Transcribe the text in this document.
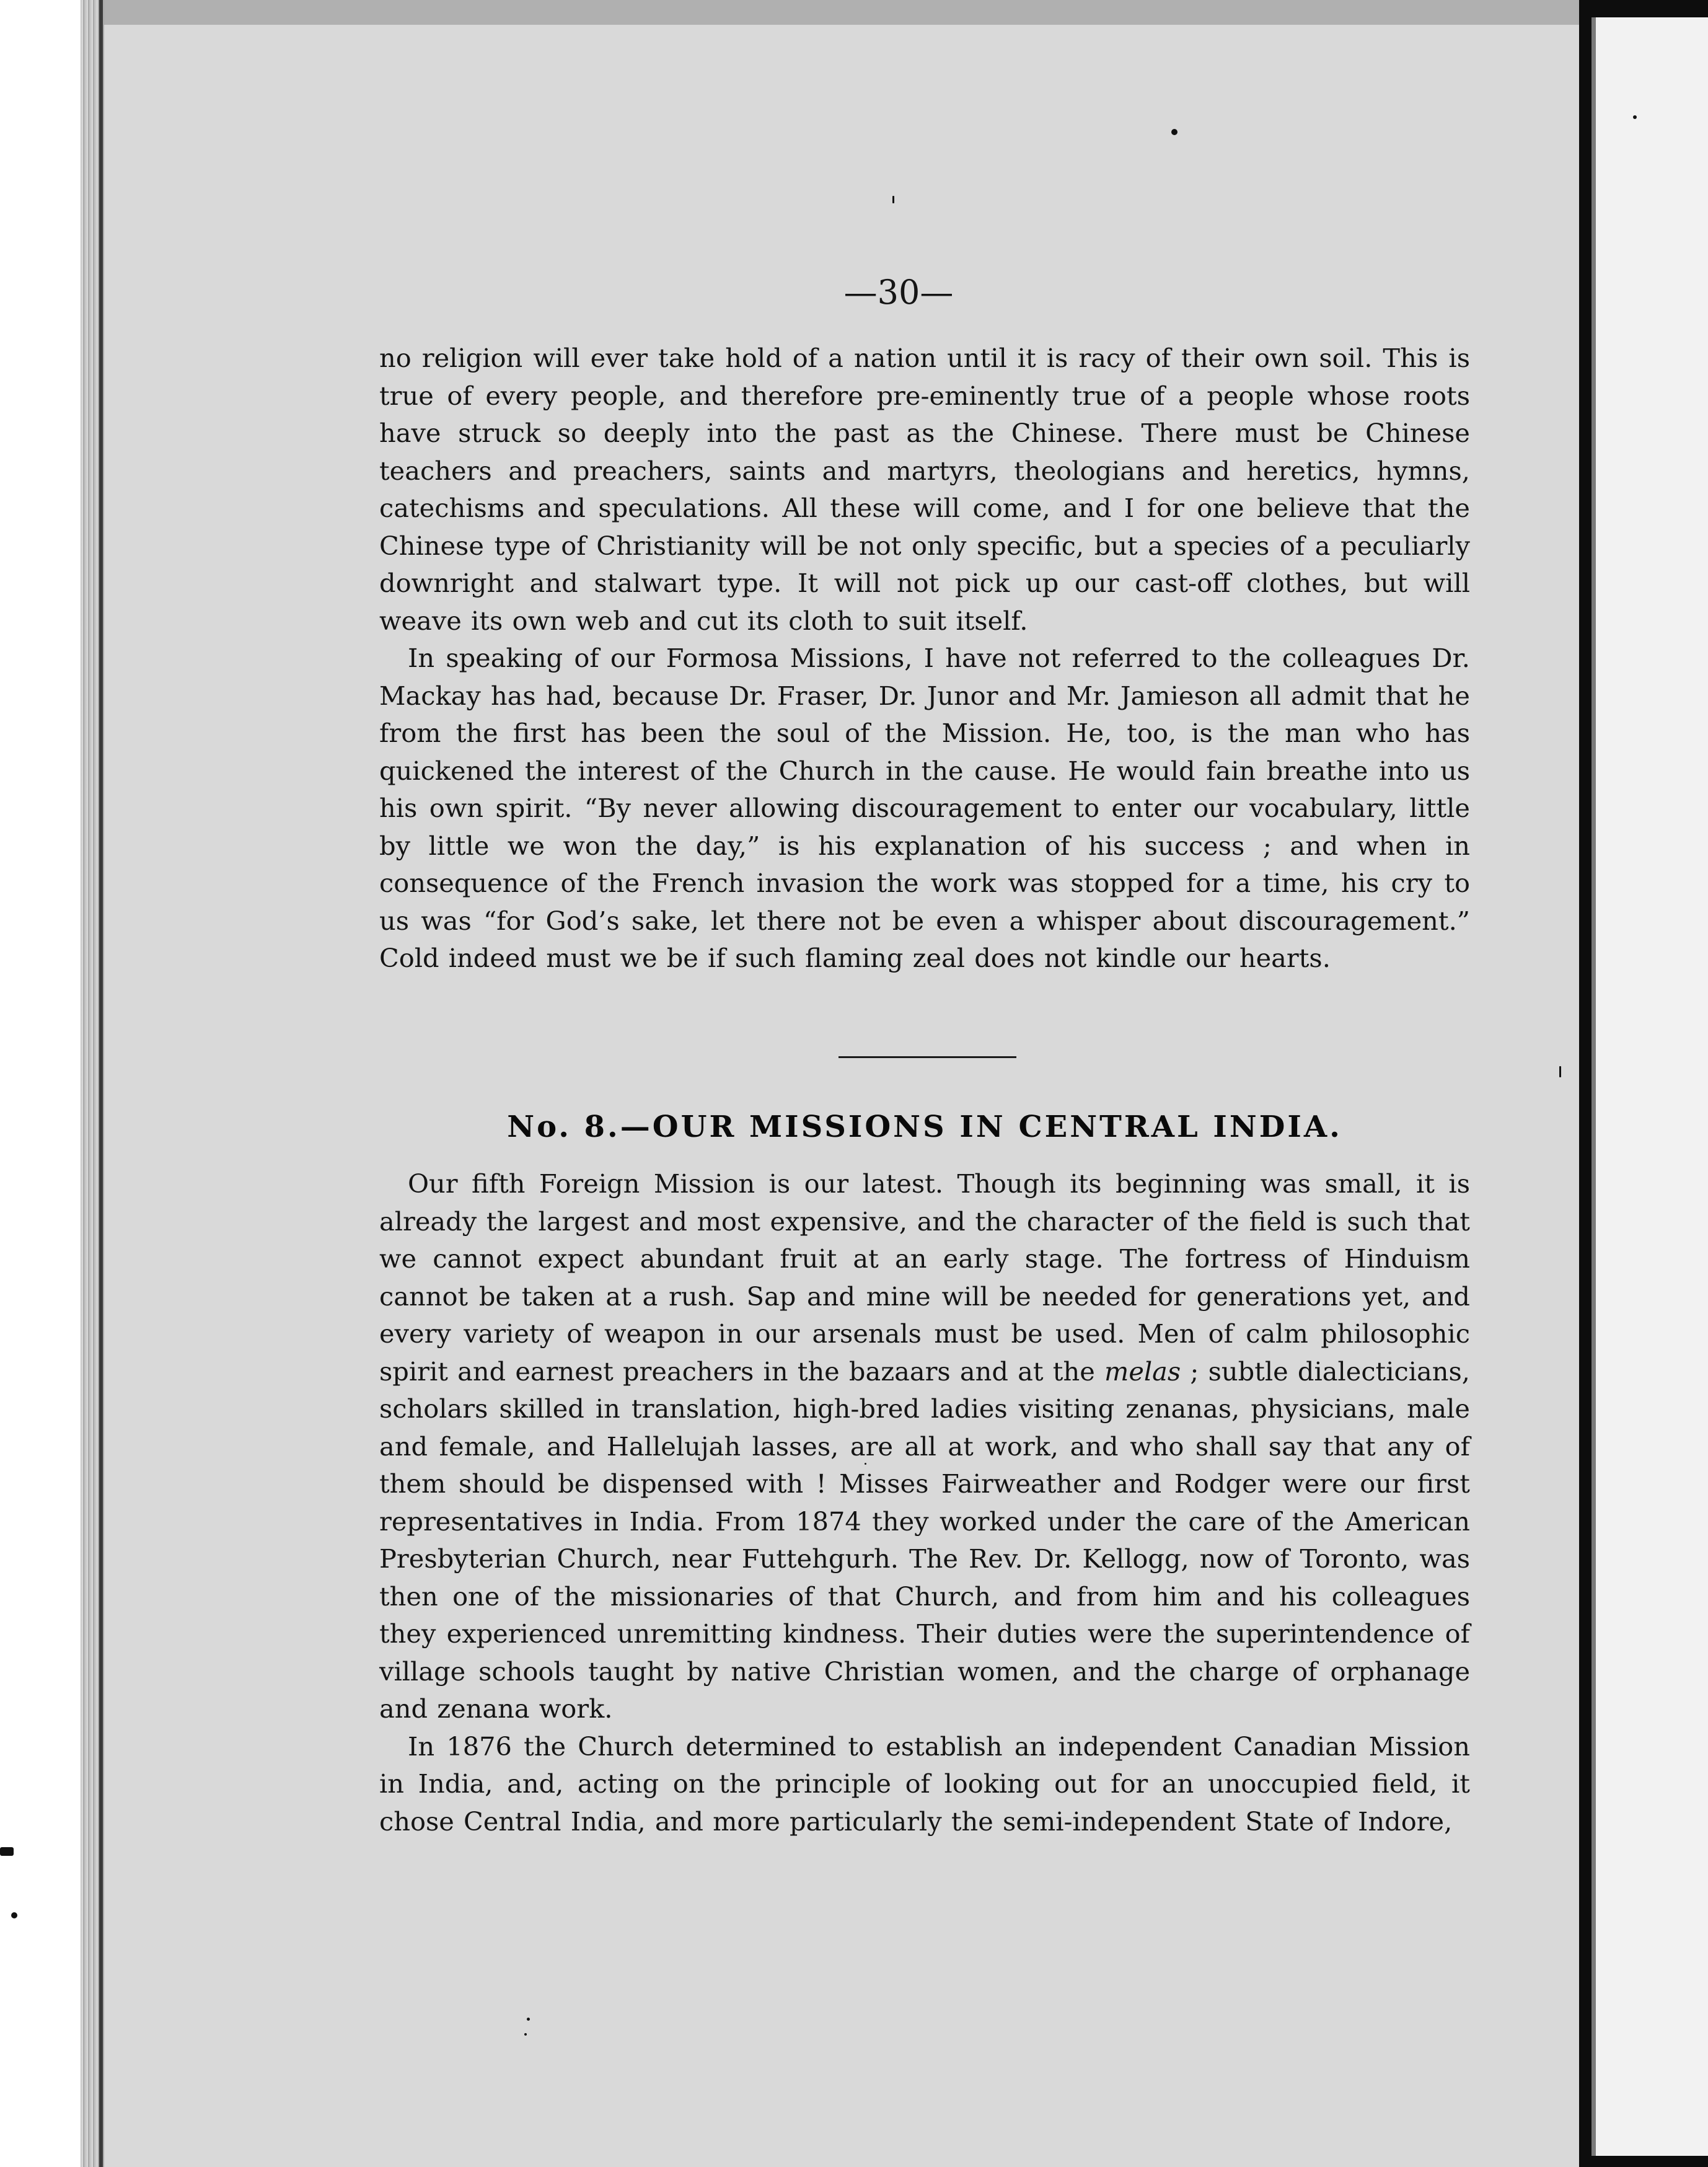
—30—

no religion will ever take hold of a nation until it is racy of their own soil. This is true of every people, and therefore pre-eminently true of a people whose roots have struck so deeply into the past as the Chinese. There must be Chinese teachers and preachers, saints and martyrs, theologians and heretics, hymns, catechisms and speculations. All these will come, and I for one believe that the Chinese type of Christianity will be not only specific, but a species of a peculiarly downright and stalwart type. It will not pick up our cast-off clothes, but will weave its own web and cut its cloth to suit itself.

In speaking of our Formosa Missions, I have not referred to the colleagues Dr. Mackay has had, because Dr. Fraser, Dr. Junor and Mr. Jamieson all admit that he from the first has been the soul of the Mission. He, too, is the man who has quickened the interest of the Church in the cause. He would fain breathe into us his own spirit. “By never allowing discouragement to enter our vocabulary, little by little we won the day,” is his explanation of his success ; and when in consequence of the French invasion the work was stopped for a time, his cry to us was “for God’s sake, let there not be even a whisper about discouragement.” Cold indeed must we be if such flaming zeal does not kindle our hearts.

No. 8.—OUR MISSIONS IN CENTRAL INDIA.

Our fifth Foreign Mission is our latest. Though its beginning was small, it is already the largest and most expensive, and the character of the field is such that we cannot expect abundant fruit at an early stage. The fortress of Hinduism cannot be taken at a rush. Sap and mine will be needed for generations yet, and every variety of weapon in our arsenals must be used. Men of calm philosophic spirit and earnest preachers in the bazaars and at the melas ; subtle dialecticians, scholars skilled in translation, high-bred ladies visiting zenanas, physicians, male and female, and Hallelujah lasses, are all at work, and who shall say that any of them should be dispensed with ! Misses Fairweather and Rodger were our first representatives in India. From 1874 they worked under the care of the American Presbyterian Church, near Futtehgurh. The Rev. Dr. Kellogg, now of Toronto, was then one of the missionaries of that Church, and from him and his colleagues they experienced unremitting kindness. Their duties were the superintendence of village schools taught by native Christian women, and the charge of orphanage and zenana work.

In 1876 the Church determined to establish an independent Canadian Mission in India, and, acting on the principle of looking out for an unoccupied field, it chose Central India, and more particularly the semi-independent State of Indore,
